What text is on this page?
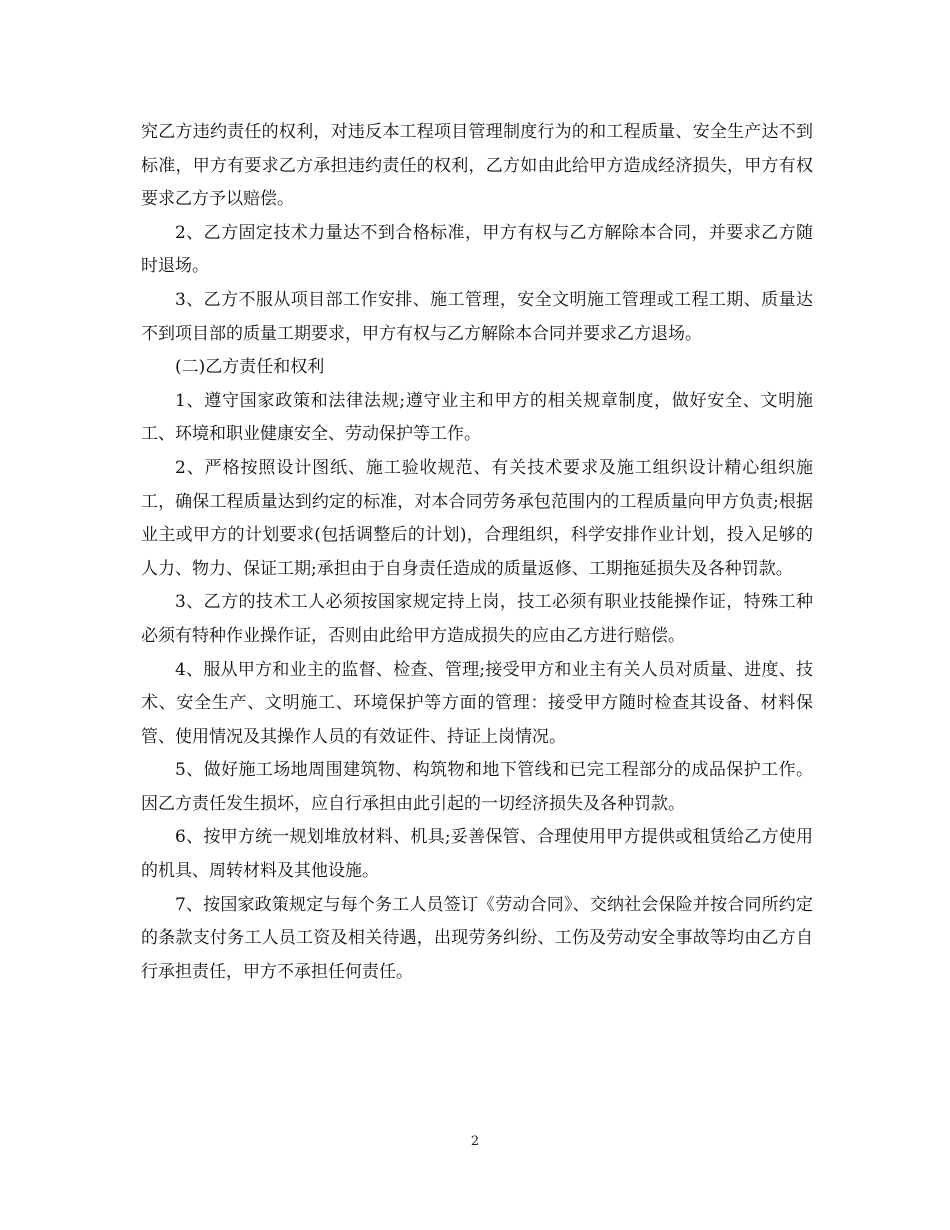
究乙方违约责任的权利，对违反本工程项目管理制度行为的和工程质量、安全生产达不到标准，甲方有要求乙方承担违约责任的权利，乙方如由此给甲方造成经济损失，甲方有权要求乙方予以赔偿。

2、乙方固定技术力量达不到合格标准，甲方有权与乙方解除本合同，并要求乙方随时退场。

3、乙方不服从项目部工作安排、施工管理，安全文明施工管理或工程工期、质量达不到项目部的质量工期要求，甲方有权与乙方解除本合同并要求乙方退场。

(二)乙方责任和权利

1、遵守国家政策和法律法规;遵守业主和甲方的相关规章制度，做好安全、文明施工、环境和职业健康安全、劳动保护等工作。

2、严格按照设计图纸、施工验收规范、有关技术要求及施工组织设计精心组织施工，确保工程质量达到约定的标准，对本合同劳务承包范围内的工程质量向甲方负责;根据业主或甲方的计划要求(包括调整后的计划)，合理组织，科学安排作业计划，投入足够的人力、物力、保证工期;承担由于自身责任造成的质量返修、工期拖延损失及各种罚款。

3、乙方的技术工人必须按国家规定持上岗，技工必须有职业技能操作证，特殊工种必须有特种作业操作证，否则由此给甲方造成损失的应由乙方进行赔偿。

4、服从甲方和业主的监督、检查、管理;接受甲方和业主有关人员对质量、进度、技术、安全生产、文明施工、环境保护等方面的管理：接受甲方随时检查其设备、材料保管、使用情况及其操作人员的有效证件、持证上岗情况。

5、做好施工场地周围建筑物、构筑物和地下管线和已完工程部分的成品保护工作。因乙方责任发生损坏，应自行承担由此引起的一切经济损失及各种罚款。

6、按甲方统一规划堆放材料、机具;妥善保管、合理使用甲方提供或租赁给乙方使用的机具、周转材料及其他设施。

7、按国家政策规定与每个务工人员签订《劳动合同》、交纳社会保险并按合同所约定的条款支付务工人员工资及相关待遇，出现劳务纠纷、工伤及劳动安全事故等均由乙方自行承担责任，甲方不承担任何责任。

2
